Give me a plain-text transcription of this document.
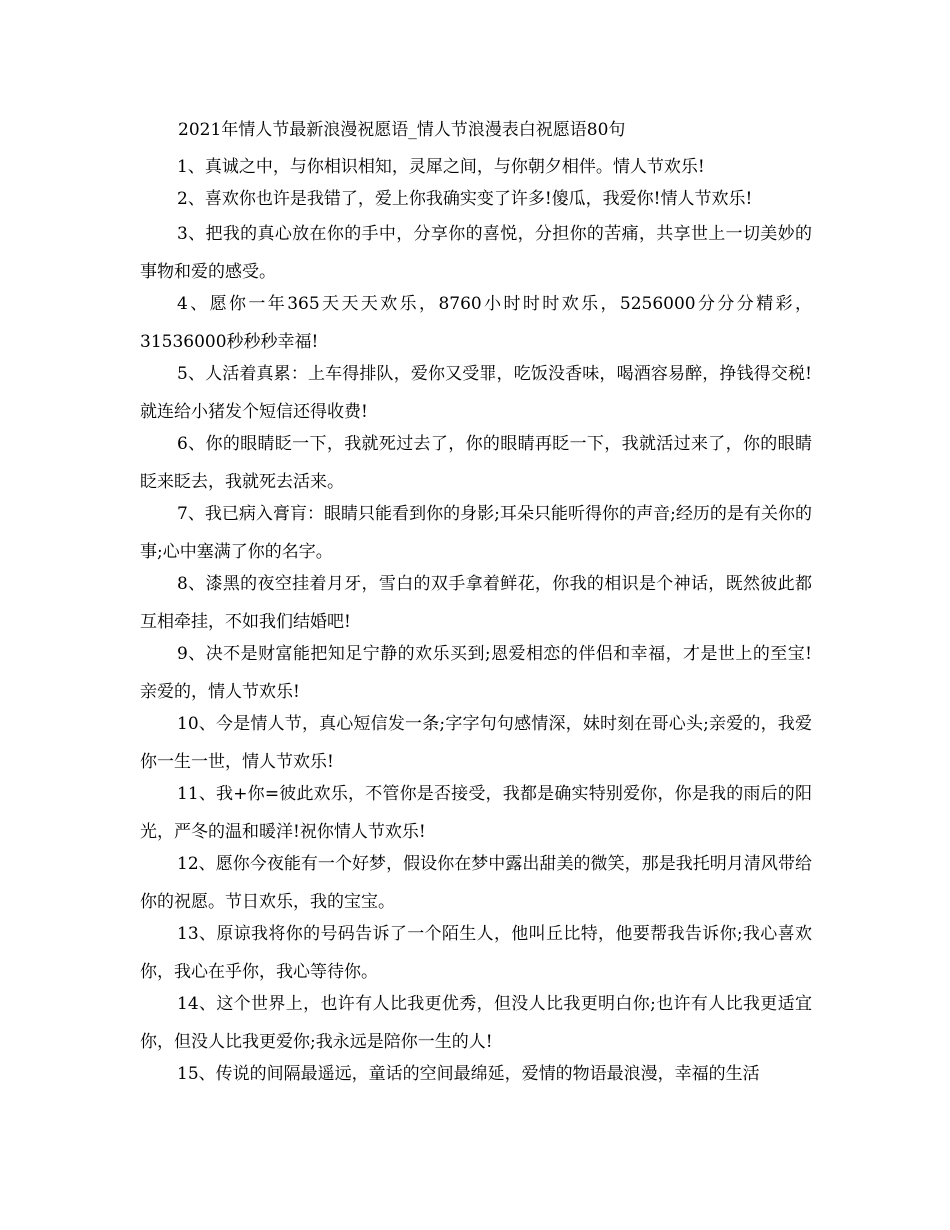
2021年情人节最新浪漫祝愿语_情人节浪漫表白祝愿语80句

1、真诚之中，与你相识相知，灵犀之间，与你朝夕相伴。情人节欢乐!

2、喜欢你也许是我错了，爱上你我确实变了许多!傻瓜，我爱你!情人节欢乐!

3、把我的真心放在你的手中，分享你的喜悦，分担你的苦痛，共享世上一切美妙的事物和爱的感受。

4、愿你一年365天天天欢乐，8760小时时时欢乐，5256000分分分精彩，31536000秒秒秒幸福!

5、人活着真累：上车得排队，爱你又受罪，吃饭没香味，喝酒容易醉，挣钱得交税!就连给小猪发个短信还得收费!

6、你的眼睛眨一下，我就死过去了，你的眼睛再眨一下，我就活过来了，你的眼睛眨来眨去，我就死去活来。

7、我已病入膏肓：眼睛只能看到你的身影;耳朵只能听得你的声音;经历的是有关你的事;心中塞满了你的名字。

8、漆黑的夜空挂着月牙，雪白的双手拿着鲜花，你我的相识是个神话，既然彼此都互相牵挂，不如我们结婚吧!

9、决不是财富能把知足宁静的欢乐买到;恩爱相恋的伴侣和幸福，才是世上的至宝!亲爱的，情人节欢乐!

10、今是情人节，真心短信发一条;字字句句感情深，妹时刻在哥心头;亲爱的，我爱你一生一世，情人节欢乐!

11、我+你=彼此欢乐，不管你是否接受，我都是确实特别爱你，你是我的雨后的阳光，严冬的温和暖洋!祝你情人节欢乐!

12、愿你今夜能有一个好梦，假设你在梦中露出甜美的微笑，那是我托明月清风带给你的祝愿。节日欢乐，我的宝宝。

13、原谅我将你的号码告诉了一个陌生人，他叫丘比特，他要帮我告诉你;我心喜欢你，我心在乎你，我心等待你。

14、这个世界上，也许有人比我更优秀，但没人比我更明白你;也许有人比我更适宜你，但没人比我更爱你;我永远是陪你一生的人!

15、传说的间隔最遥远，童话的空间最绵延，爱情的物语最浪漫，幸福的生活
